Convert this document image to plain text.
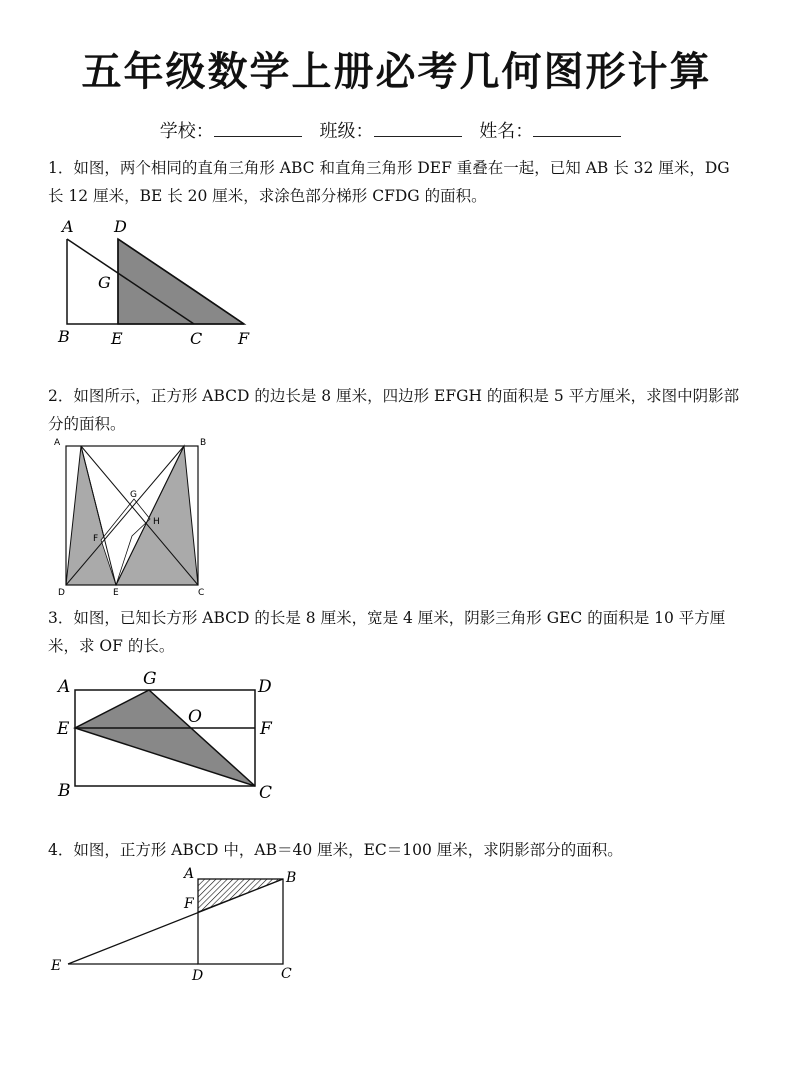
五年级数学上册必考几何图形计算
学校：	班级：	姓名：
1．如图，两个相同的直角三角形 ABC 和直角三角形 DEF 重叠在一起，已知 AB 长 32 厘米，DG 长 12 厘米，BE 长 20 厘米，求涂色部分梯形 CFDG 的面积。
A	D
G
B	E	C F
2．如图所示，正方形 ABCD 的边长是 8 厘米，四边形 EFGH 的面积是 5 平方厘米，求图中阴影部分的面积。
A	B
G
H
F
D	E	C
3．如图，已知长方形 ABCD 的长是 8 厘米，宽是 4 厘米，阴影三角形 GEC 的面积是 10 平方厘米，求 OF 的长。
A	G	D
O
E	F
B	C
4．如图，正方形 ABCD 中，AB＝40 厘米，EC＝100 厘米，求阴影部分的面积。
A	B
F
E
D	C
